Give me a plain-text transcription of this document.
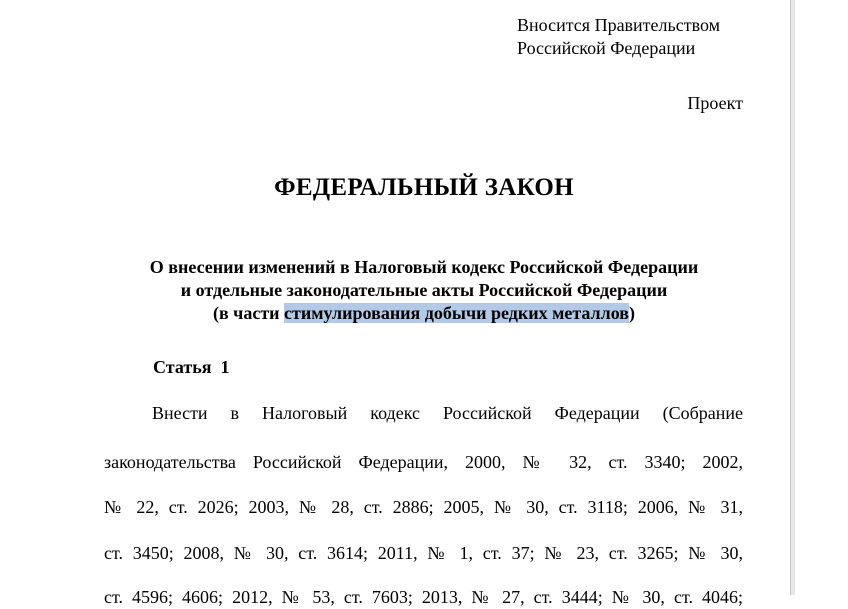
Вносится Правительством
Российской Федерации
Проект
ФЕДЕРАЛЬНЫЙ ЗАКОН
О внесении изменений в Налоговый кодекс Российской Федерации
и отдельные законодательные акты Российской Федерации
(в части стимулирования добычи редких металлов)
Статья  1
Внести в Налоговый кодекс Российской Федерации (Собрание
законодательства Российской Федерации, 2000, № 32, ст. 3340; 2002,
№ 22, ст. 2026; 2003, № 28, ст. 2886; 2005, № 30, ст. 3118; 2006, № 31,
ст. 3450; 2008, № 30, ст. 3614; 2011, № 1, ст. 37; № 23, ст. 3265; № 30,
ст. 4596; 4606; 2012, № 53, ст. 7603; 2013, № 27, ст. 3444; № 30, ст. 4046;
